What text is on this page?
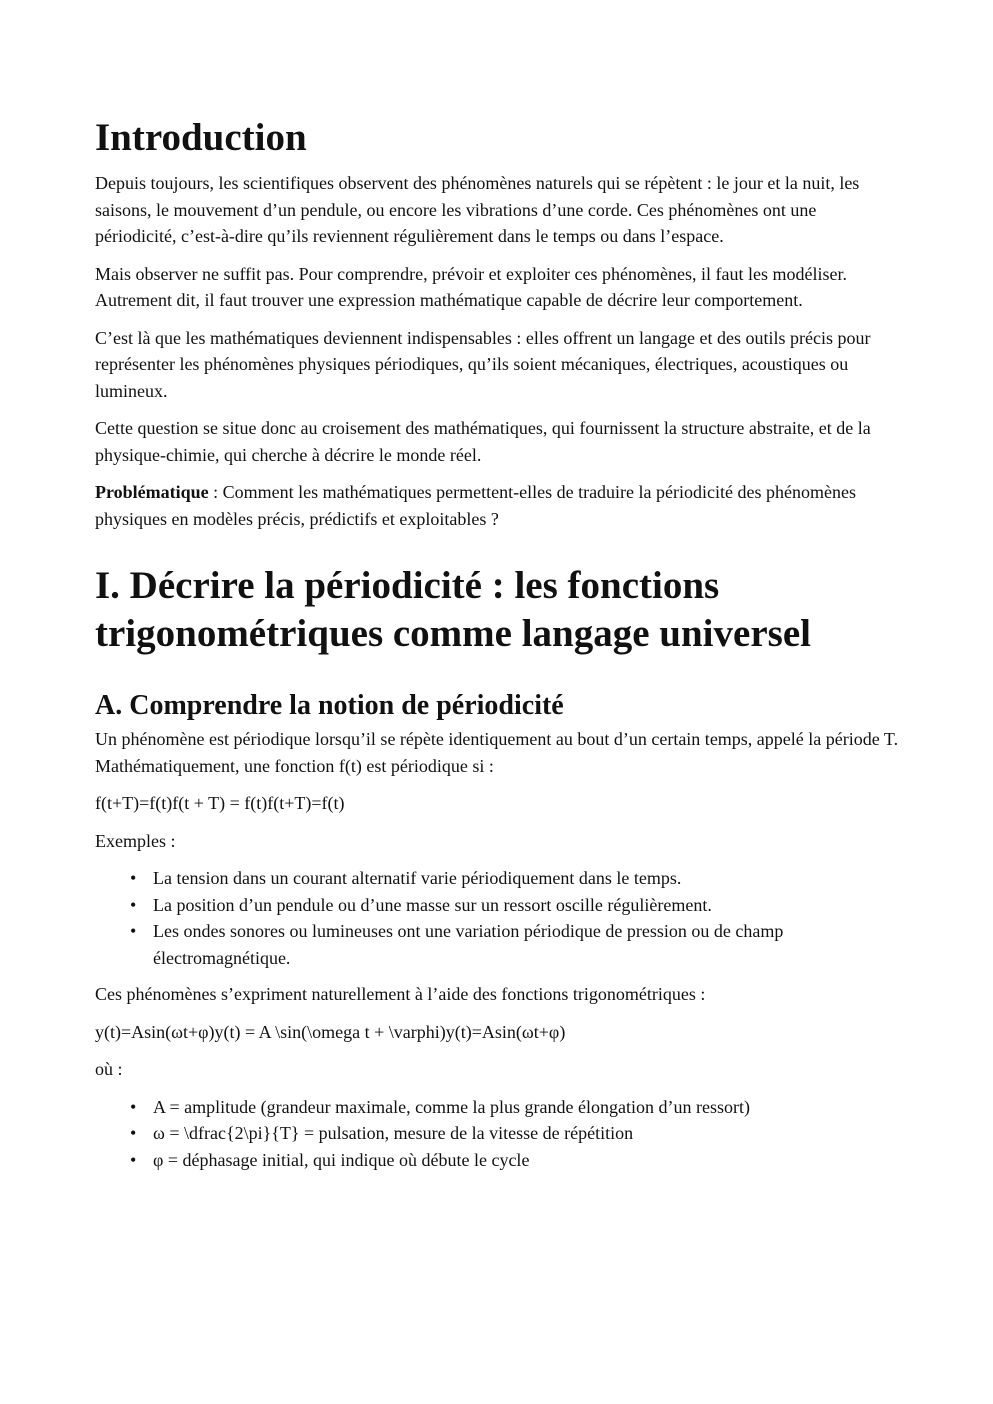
Introduction

Depuis toujours, les scientifiques observent des phénomènes naturels qui se répètent : le jour et la nuit, les saisons, le mouvement d’un pendule, ou encore les vibrations d’une corde. Ces phénomènes ont une périodicité, c’est-à-dire qu’ils reviennent régulièrement dans le temps ou dans l’espace.

Mais observer ne suffit pas. Pour comprendre, prévoir et exploiter ces phénomènes, il faut les modéliser. Autrement dit, il faut trouver une expression mathématique capable de décrire leur comportement.

C’est là que les mathématiques deviennent indispensables : elles offrent un langage et des outils précis pour représenter les phénomènes physiques périodiques, qu’ils soient mécaniques, électriques, acoustiques ou lumineux.

Cette question se situe donc au croisement des mathématiques, qui fournissent la structure abstraite, et de la physique-chimie, qui cherche à décrire le monde réel.

Problématique : Comment les mathématiques permettent-elles de traduire la périodicité des phénomènes physiques en modèles précis, prédictifs et exploitables ?

I. Décrire la périodicité : les fonctions
trigonométriques comme langage universel
A. Comprendre la notion de périodicité

Un phénomène est périodique lorsqu’il se répète identiquement au bout d’un certain temps, appelé la période T.
Mathématiquement, une fonction f(t) est périodique si :

f(t+T)=f(t)f(t + T) = f(t)f(t+T)=f(t)

Exemples :

• La tension dans un courant alternatif varie périodiquement dans le temps.
• La position d’un pendule ou d’une masse sur un ressort oscille régulièrement.
• Les ondes sonores ou lumineuses ont une variation périodique de pression ou de champ électromagnétique.

Ces phénomènes s’expriment naturellement à l’aide des fonctions trigonométriques :

y(t)=Asin(ωt+φ)y(t) = A \sin(\omega t + \varphi)y(t)=Asin(ωt+φ)

où :

• A = amplitude (grandeur maximale, comme la plus grande élongation d’un ressort)
• ω = \dfrac{2\pi}{T} = pulsation, mesure de la vitesse de répétition
• φ = déphasage initial, qui indique où débute le cycle
